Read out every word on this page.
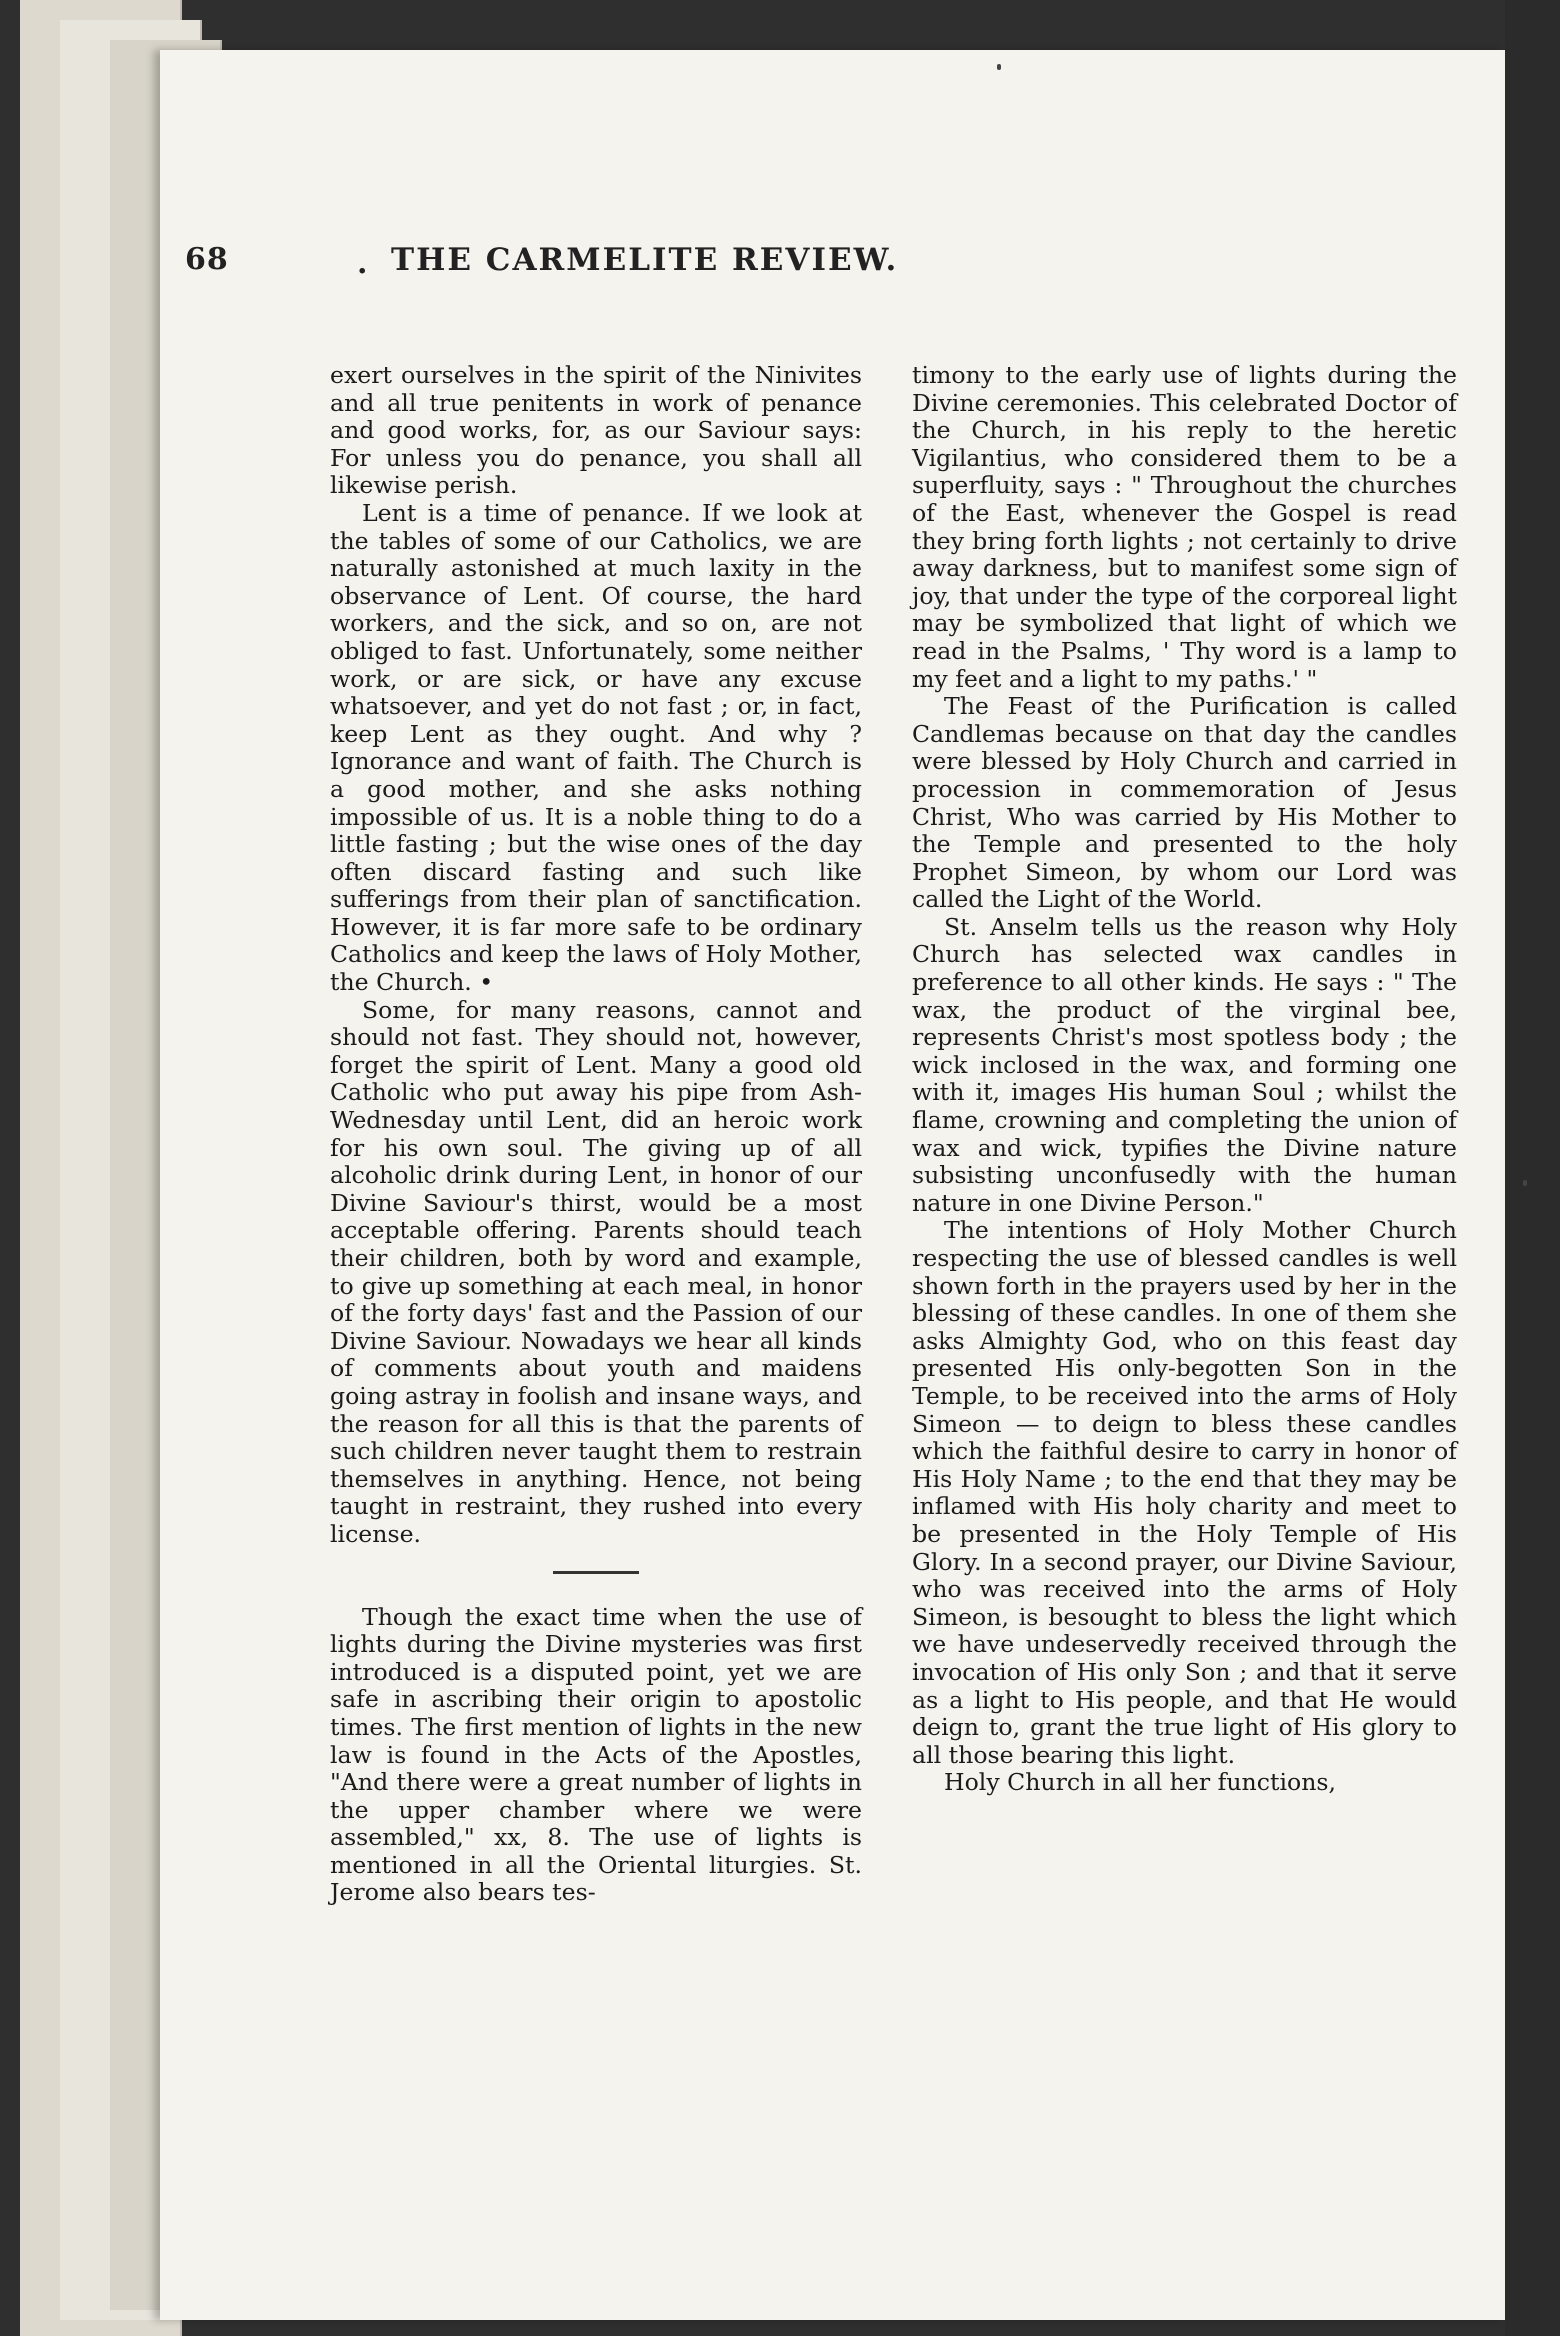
68	. THE CARMELITE REVIEW.

exert ourselves in the spirit of the Ninivites and all true penitents in work of penance and good works, for, as our Saviour says: For unless you do penance, you shall all likewise perish.

Lent is a time of penance. If we look at the tables of some of our Catholics, we are naturally astonished at much laxity in the observance of Lent. Of course, the hard workers, and the sick, and so on, are not obliged to fast. Unfortunately, some neither work, or are sick, or have any excuse whatsoever, and yet do not fast ; or, in fact, keep Lent as they ought. And why ? Ignorance and want of faith. The Church is a good mother, and she asks nothing impossible of us. It is a noble thing to do a little fasting ; but the wise ones of the day often discard fasting and such like sufferings from their plan of sanctification. However, it is far more safe to be ordinary Catholics and keep the laws of Holy Mother, the Church. •

Some, for many reasons, cannot and should not fast. They should not, however, forget the spirit of Lent. Many a good old Catholic who put away his pipe from Ash-Wednesday until Lent, did an heroic work for his own soul. The giving up of all alcoholic drink during Lent, in honor of our Divine Saviour's thirst, would be a most acceptable offering. Parents should teach their children, both by word and example, to give up something at each meal, in honor of the forty days' fast and the Passion of our Divine Saviour. Nowadays we hear all kinds of comments about youth and maidens going astray in foolish and insane ways, and the reason for all this is that the parents of such children never taught them to restrain themselves in anything. Hence, not being taught in restraint, they rushed into every license.

Though the exact time when the use of lights during the Divine mysteries was first introduced is a disputed point, yet we are safe in ascribing their origin to apostolic times. The first mention of lights in the new law is found in the Acts of the Apostles, "And there were a great number of lights in the upper chamber where we were assembled," xx, 8. The use of lights is mentioned in all the Oriental liturgies. St. Jerome also bears tes-

timony to the early use of lights during the Divine ceremonies. This celebrated Doctor of the Church, in his reply to the heretic Vigilantius, who considered them to be a superfluity, says : " Throughout the churches of the East, whenever the Gospel is read they bring forth lights ; not certainly to drive away darkness, but to manifest some sign of joy, that under the type of the corporeal light may be symbolized that light of which we read in the Psalms, ' Thy word is a lamp to my feet and a light to my paths.' "

The Feast of the Purification is called Candlemas because on that day the candles were blessed by Holy Church and carried in procession in commemoration of Jesus Christ, Who was carried by His Mother to the Temple and presented to the holy Prophet Simeon, by whom our Lord was called the Light of the World.

St. Anselm tells us the reason why Holy Church has selected wax candles in preference to all other kinds. He says : " The wax, the product of the virginal bee, represents Christ's most spotless body ; the wick inclosed in the wax, and forming one with it, images His human Soul ; whilst the flame, crowning and completing the union of wax and wick, typifies the Divine nature subsisting unconfusedly with the human nature in one Divine Person."

The intentions of Holy Mother Church respecting the use of blessed candles is well shown forth in the prayers used by her in the blessing of these candles. In one of them she asks Almighty God, who on this feast day presented His only-begotten Son in the Temple, to be received into the arms of Holy Simeon — to deign to bless these candles which the faithful desire to carry in honor of His Holy Name ; to the end that they may be inflamed with His holy charity and meet to be presented in the Holy Temple of His Glory. In a second prayer, our Divine Saviour, who was received into the arms of Holy Simeon, is besought to bless the light which we have undeservedly received through the invocation of His only Son ; and that it serve as a light to His people, and that He would deign to, grant the true light of His glory to all those bearing this light.

Holy Church in all her functions,
